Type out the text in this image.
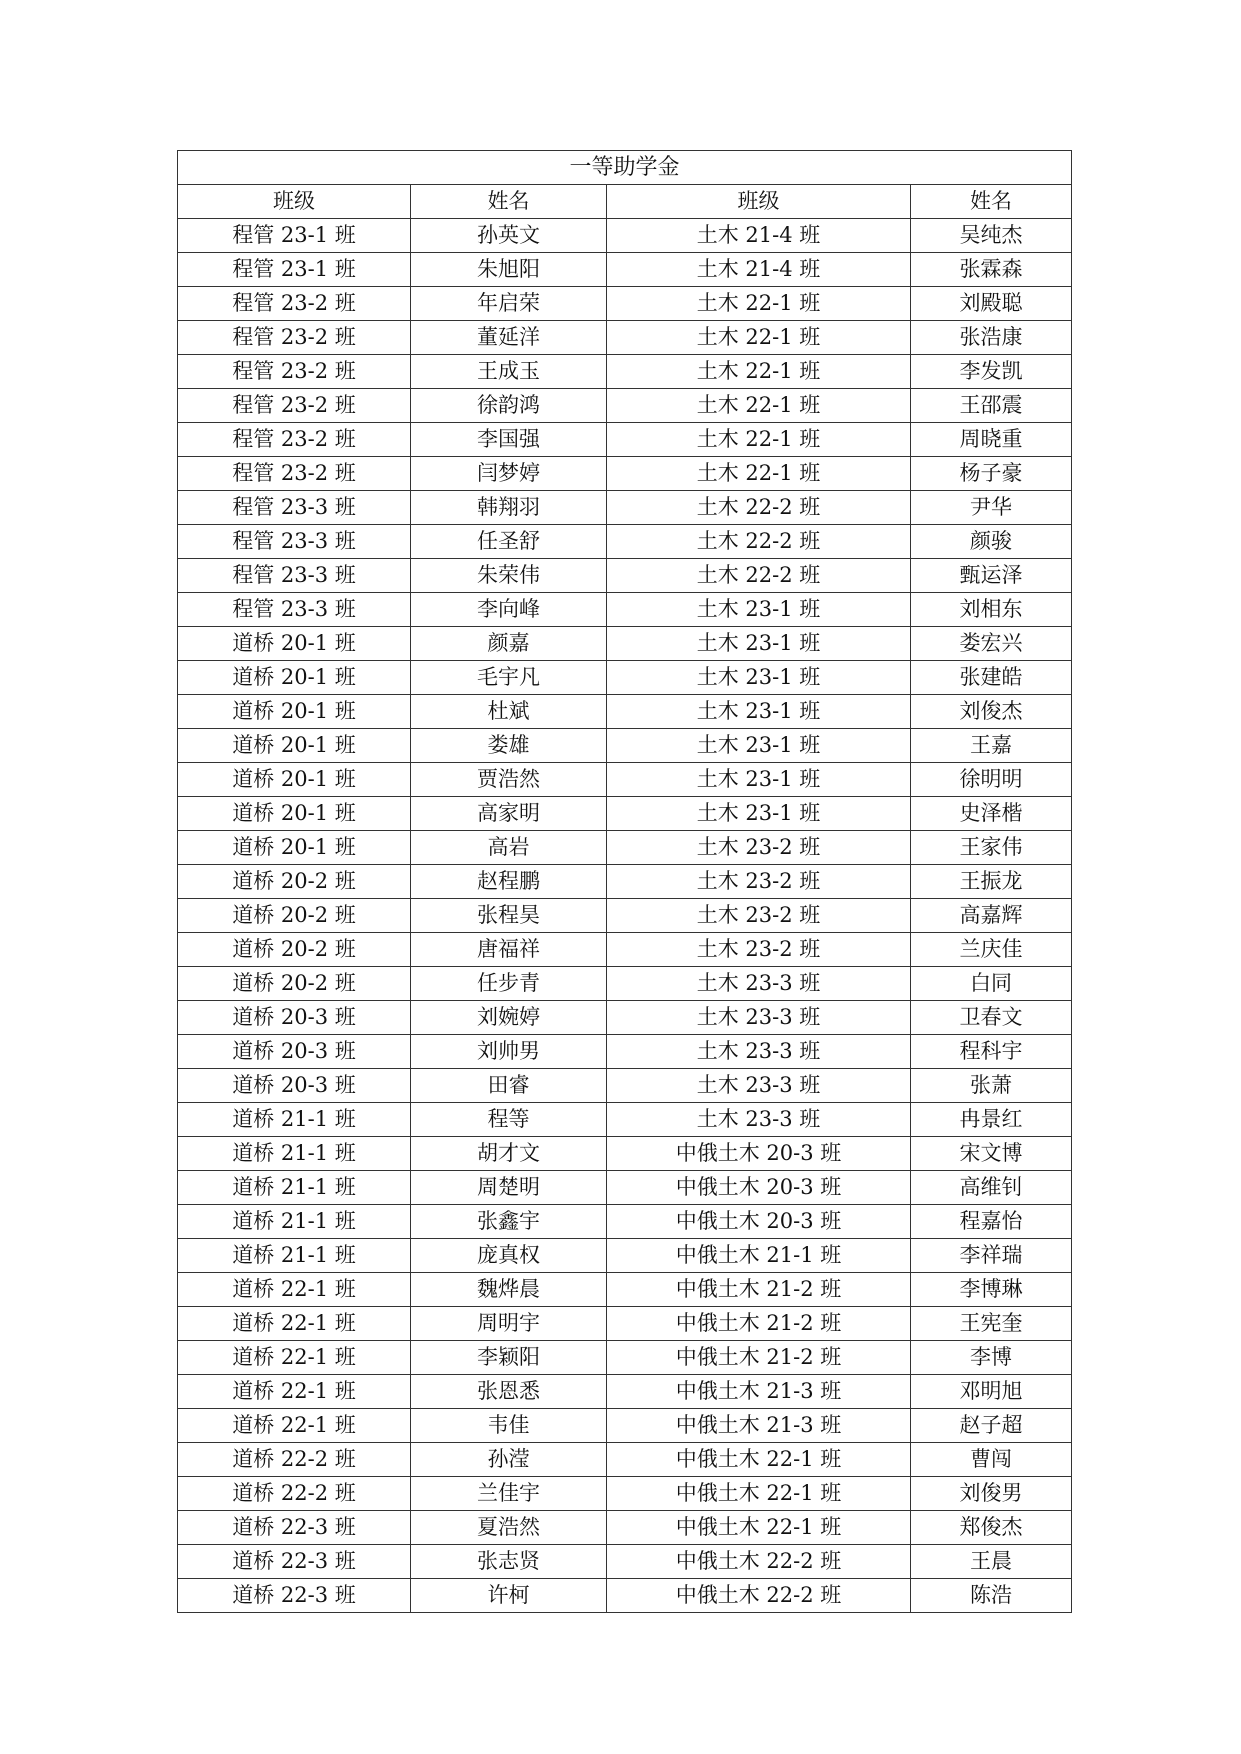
一等助学金			
班级	姓名	班级	姓名
程管 23-1 班	孙英文	土木 21-4 班	吴纯杰
程管 23-1 班	朱旭阳	土木 21-4 班	张霖森
程管 23-2 班	年启荣	土木 22-1 班	刘殿聪
程管 23-2 班	董延洋	土木 22-1 班	张浩康
程管 23-2 班	王成玉	土木 22-1 班	李发凯
程管 23-2 班	徐韵鸿	土木 22-1 班	王邵震
程管 23-2 班	李国强	土木 22-1 班	周晓重
程管 23-2 班	闫梦婷	土木 22-1 班	杨子豪
程管 23-3 班	韩翔羽	土木 22-2 班	尹华
程管 23-3 班	任圣舒	土木 22-2 班	颜骏
程管 23-3 班	朱荣伟	土木 22-2 班	甄运泽
程管 23-3 班	李向峰	土木 23-1 班	刘相东
道桥 20-1 班	颜嘉	土木 23-1 班	娄宏兴
道桥 20-1 班	毛宇凡	土木 23-1 班	张建皓
道桥 20-1 班	杜斌	土木 23-1 班	刘俊杰
道桥 20-1 班	娄雄	土木 23-1 班	王嘉
道桥 20-1 班	贾浩然	土木 23-1 班	徐明明
道桥 20-1 班	高家明	土木 23-1 班	史泽楷
道桥 20-1 班	高岩	土木 23-2 班	王家伟
道桥 20-2 班	赵程鹏	土木 23-2 班	王振龙
道桥 20-2 班	张程昊	土木 23-2 班	高嘉辉
道桥 20-2 班	唐福祥	土木 23-2 班	兰庆佳
道桥 20-2 班	任步青	土木 23-3 班	白同
道桥 20-3 班	刘婉婷	土木 23-3 班	卫春文
道桥 20-3 班	刘帅男	土木 23-3 班	程科宇
道桥 20-3 班	田睿	土木 23-3 班	张萧
道桥 21-1 班	程等	土木 23-3 班	冉景红
道桥 21-1 班	胡才文	中俄土木 20-3 班	宋文博
道桥 21-1 班	周楚明	中俄土木 20-3 班	高维钊
道桥 21-1 班	张鑫宇	中俄土木 20-3 班	程嘉怡
道桥 21-1 班	庞真权	中俄土木 21-1 班	李祥瑞
道桥 22-1 班	魏烨晨	中俄土木 21-2 班	李博琳
道桥 22-1 班	周明宇	中俄土木 21-2 班	王宪奎
道桥 22-1 班	李颖阳	中俄土木 21-2 班	李博
道桥 22-1 班	张恩悉	中俄土木 21-3 班	邓明旭
道桥 22-1 班	韦佳	中俄土木 21-3 班	赵子超
道桥 22-2 班	孙滢	中俄土木 22-1 班	曹闯
道桥 22-2 班	兰佳宇	中俄土木 22-1 班	刘俊男
道桥 22-3 班	夏浩然	中俄土木 22-1 班	郑俊杰
道桥 22-3 班	张志贤	中俄土木 22-2 班	王晨
道桥 22-3 班	许柯	中俄土木 22-2 班	陈浩
